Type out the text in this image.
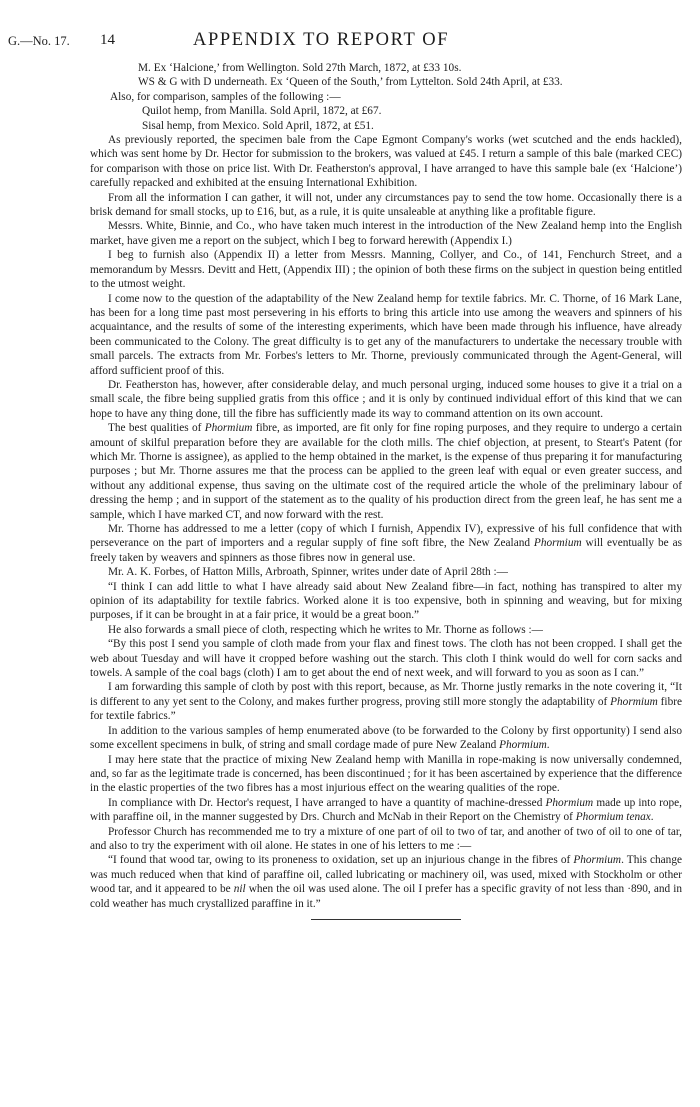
G.—No. 17. 14	APPENDIX TO REPORT OF

M. Ex ‘Halcione,’ from Wellington. Sold 27th March, 1872, at £33 10s.

WS & G with D underneath. Ex ‘Queen of the South,’ from Lyttelton. Sold 24th April, at £33.

Also, for comparison, samples of the following :—

Quilot hemp, from Manilla. Sold April, 1872, at £67.

Sisal hemp, from Mexico. Sold April, 1872, at £51.

As previously reported, the specimen bale from the Cape Egmont Company's works (wet scutched and the ends hackled), which was sent home by Dr. Hector for submission to the brokers, was valued at £45. I return a sample of this bale (marked CEC) for comparison with those on price list. With Dr. Featherston's approval, I have arranged to have this sample bale (ex ‘Halcione’) carefully repacked and exhibited at the ensuing International Exhibition.

From all the information I can gather, it will not, under any circumstances pay to send the tow home. Occasionally there is a brisk demand for small stocks, up to £16, but, as a rule, it is quite unsaleable at anything like a profitable figure.

Messrs. White, Binnie, and Co., who have taken much interest in the introduction of the New Zealand hemp into the English market, have given me a report on the subject, which I beg to forward herewith (Appendix I.)

I beg to furnish also (Appendix II) a letter from Messrs. Manning, Collyer, and Co., of 141, Fenchurch Street, and a memorandum by Messrs. Devitt and Hett, (Appendix III) ; the opinion of both these firms on the subject in question being entitled to the utmost weight.

I come now to the question of the adaptability of the New Zealand hemp for textile fabrics. Mr. C. Thorne, of 16 Mark Lane, has been for a long time past most persevering in his efforts to bring this article into use among the weavers and spinners of his acquaintance, and the results of some of the interesting experiments, which have been made through his influence, have already been communicated to the Colony. The great difficulty is to get any of the manufacturers to undertake the necessary trouble with small parcels. The extracts from Mr. Forbes's letters to Mr. Thorne, previously communicated through the Agent-General, will afford sufficient proof of this.

Dr. Featherston has, however, after considerable delay, and much personal urging, induced some houses to give it a trial on a small scale, the fibre being supplied gratis from this office ; and it is only by continued individual effort of this kind that we can hope to have any thing done, till the fibre has sufficiently made its way to command attention on its own account.

The best qualities of Phormium fibre, as imported, are fit only for fine roping purposes, and they require to undergo a certain amount of skilful preparation before they are available for the cloth mills. The chief objection, at present, to Steart's Patent (for which Mr. Thorne is assignee), as applied to the hemp obtained in the market, is the expense of thus preparing it for manufacturing purposes ; but Mr. Thorne assures me that the process can be applied to the green leaf with equal or even greater success, and without any additional expense, thus saving on the ultimate cost of the required article the whole of the preliminary labour of dressing the hemp ; and in support of the statement as to the quality of his production direct from the green leaf, he has sent me a sample, which I have marked CT, and now forward with the rest.

Mr. Thorne has addressed to me a letter (copy of which I furnish, Appendix IV), expressive of his full confidence that with perseverance on the part of importers and a regular supply of fine soft fibre, the New Zealand Phormium will eventually be as freely taken by weavers and spinners as those fibres now in general use.

Mr. A. K. Forbes, of Hatton Mills, Arbroath, Spinner, writes under date of April 28th :—

“I think I can add little to what I have already said about New Zealand fibre—in fact, nothing has transpired to alter my opinion of its adaptability for textile fabrics. Worked alone it is too expensive, both in spinning and weaving, but for mixing purposes, if it can be brought in at a fair price, it would be a great boon.”

He also forwards a small piece of cloth, respecting which he writes to Mr. Thorne as follows :—

“By this post I send you sample of cloth made from your flax and finest tows. The cloth has not been cropped. I shall get the web about Tuesday and will have it cropped before washing out the starch. This cloth I think would do well for corn sacks and towels. A sample of the coal bags (cloth) I am to get about the end of next week, and will forward to you as soon as I can.”

I am forwarding this sample of cloth by post with this report, because, as Mr. Thorne justly remarks in the note covering it, “It is different to any yet sent to the Colony, and makes further progress, proving still more stongly the adaptability of Phormium fibre for textile fabrics.”

In addition to the various samples of hemp enumerated above (to be forwarded to the Colony by first opportunity) I send also some excellent specimens in bulk, of string and small cordage made of pure New Zealand Phormium.

I may here state that the practice of mixing New Zealand hemp with Manilla in rope-making is now universally condemned, and, so far as the legitimate trade is concerned, has been discontinued ; for it has been ascertained by experience that the difference in the elastic properties of the two fibres has a most injurious effect on the wearing qualities of the rope.

In compliance with Dr. Hector's request, I have arranged to have a quantity of machine-dressed Phormium made up into rope, with paraffine oil, in the manner suggested by Drs. Church and McNab in their Report on the Chemistry of Phormium tenax.

Professor Church has recommended me to try a mixture of one part of oil to two of tar, and another of two of oil to one of tar, and also to try the experiment with oil alone. He states in one of his letters to me :—

“I found that wood tar, owing to its proneness to oxidation, set up an injurious change in the fibres of Phormium. This change was much reduced when that kind of paraffine oil, called lubricating or machinery oil, was used, mixed with Stockholm or other wood tar, and it appeared to be nil when the oil was used alone. The oil I prefer has a specific gravity of not less than ·890, and in cold weather has much crystallized paraffine in it.”
